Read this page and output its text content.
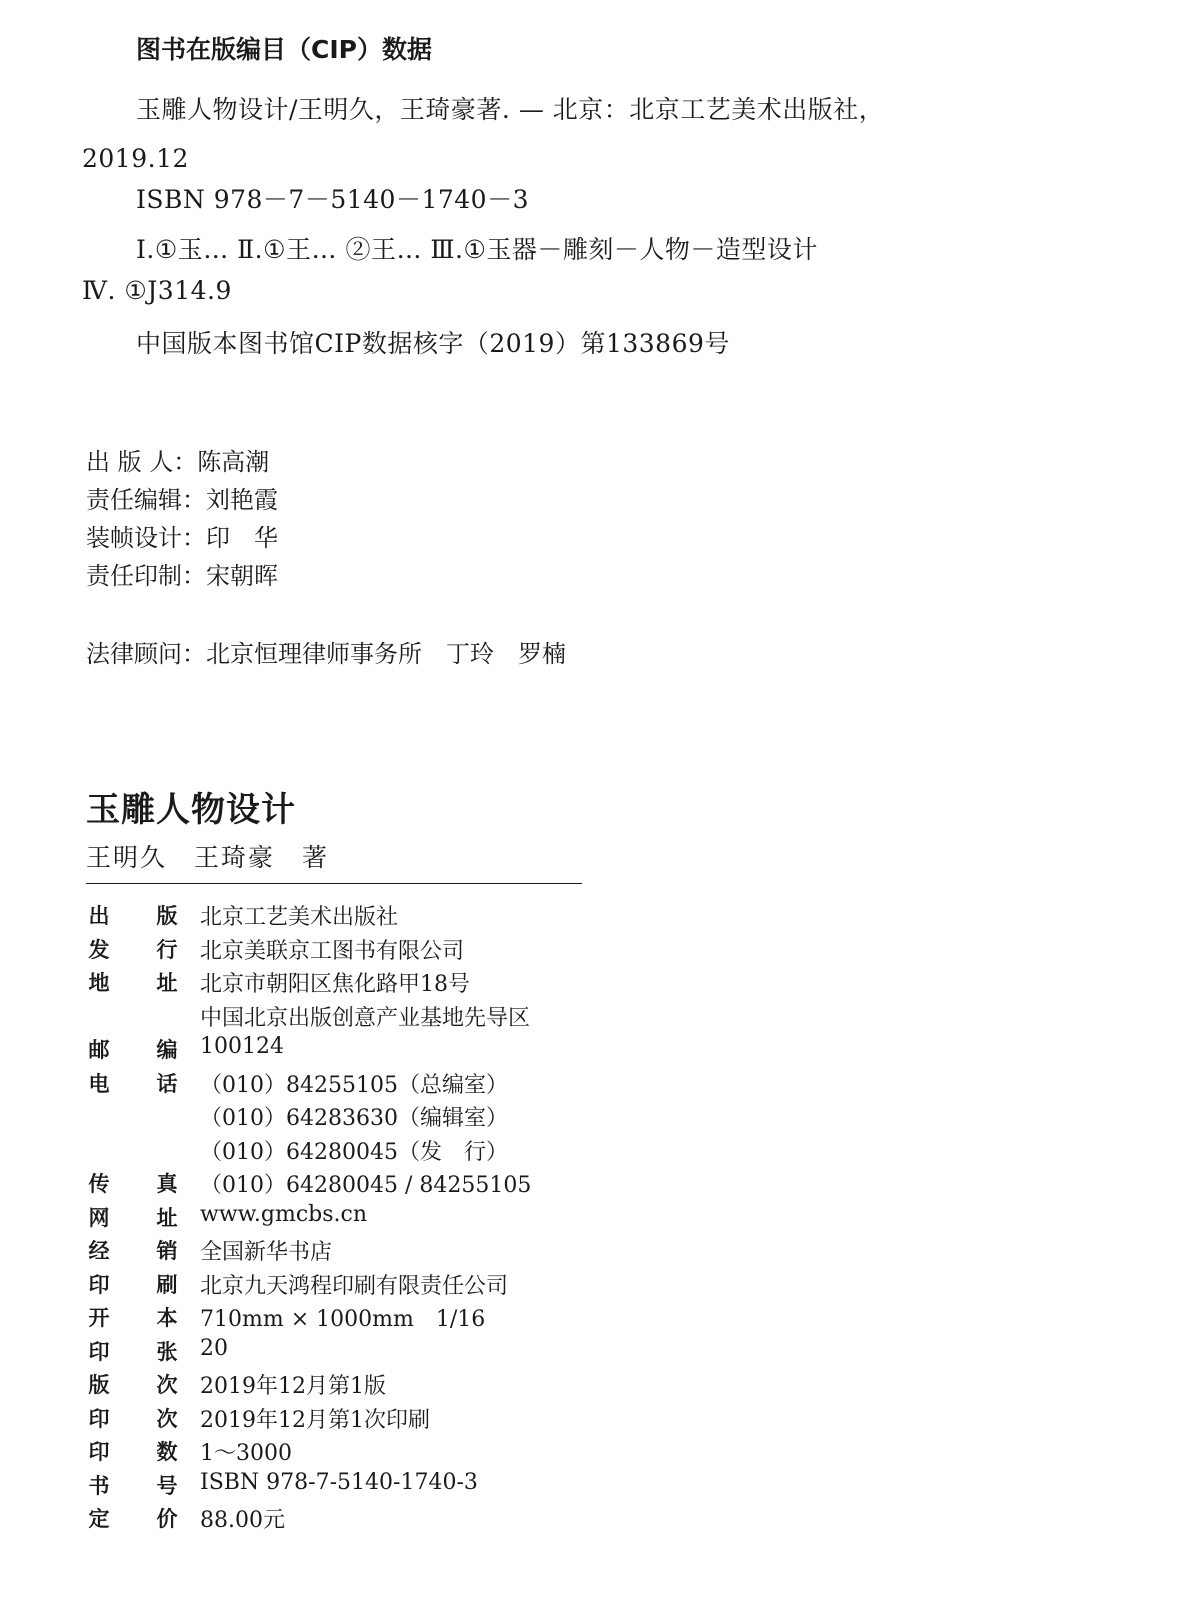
图书在版编目（CIP）数据
玉雕人物设计/王明久，王琦豪著. — 北京：北京工艺美术出版社，
2019.12
ISBN 978－7－5140－1740－3
Ⅰ.①玉… Ⅱ.①王… ②王… Ⅲ.①玉器－雕刻－人物－造型设计
Ⅳ. ①J314.9
中国版本图书馆CIP数据核字（2019）第133869号
出 版 人： 陈高潮
责任编辑： 刘艳霞
装帧设计： 印　华
责任印制： 宋朝晖
法律顾问： 北京恒理律师事务所　丁玲　罗楠
玉雕人物设计
王明久　王琦豪　著
出 版 北京工艺美术出版社
发 行 北京美联京工图书有限公司
地 址 北京市朝阳区焦化路甲18号
中国北京出版创意产业基地先导区
邮 编 100124
电 话 （010）84255105（总编室）
（010）64283630（编辑室）
（010）64280045（发　行）
传 真 （010）64280045 / 84255105
网 址 www.gmcbs.cn
经 销 全国新华书店
印 刷 北京九天鸿程印刷有限责任公司
开 本 710mm × 1000mm　1/16
印 张 20
版 次 2019年12月第1版
印 次 2019年12月第1次印刷
印 数 1～3000
书 号 ISBN 978-7-5140-1740-3
定 价 88.00元
